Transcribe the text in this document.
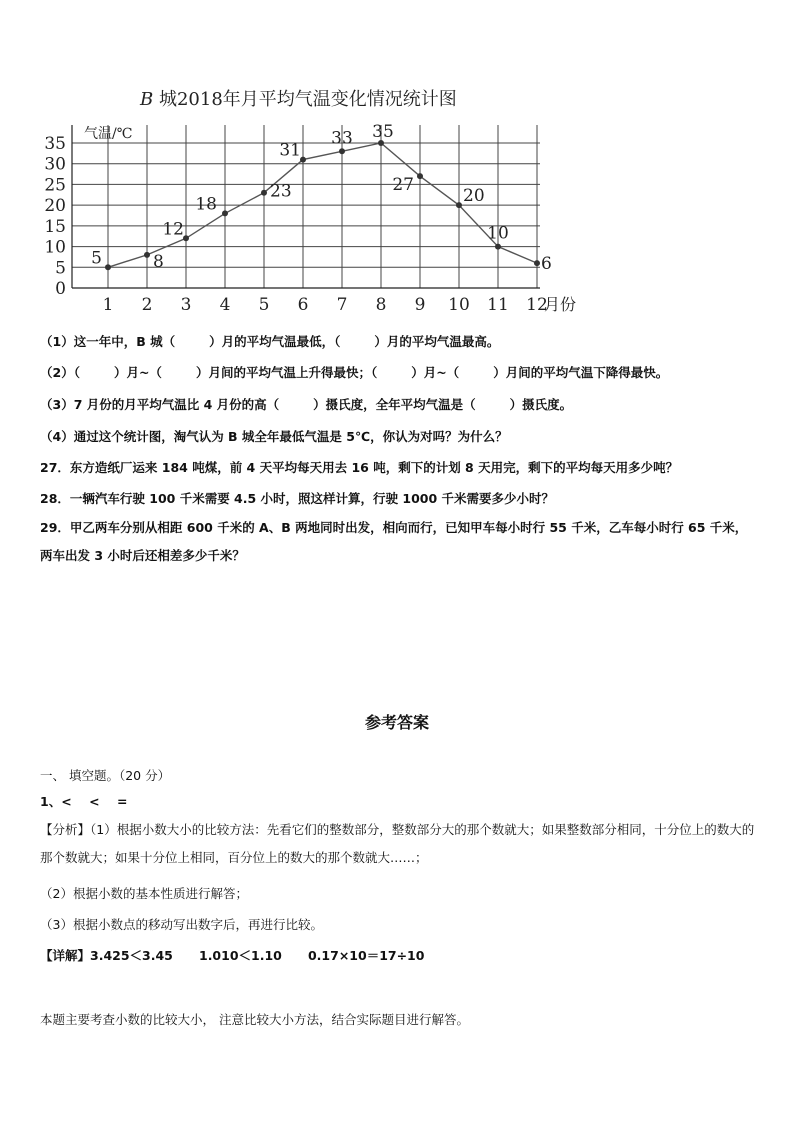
B 城2018年月平均气温变化情况统计图
0
5
10
15
20
25
30
35 气温/℃
1 2 3 4 5 6 7 8 9 10 11 12
月份
5	8
12
18
23
31
33 35
27
20
10
6
（1）这一年中，B 城（	）月的平均气温最低，（	）月的平均气温最高。
（2）（	）月~（	）月间的平均气温上升得最快；（	）月~（	）月间的平均气温下降得最快。
（3）7 月份的月平均气温比 4 月份的高（	）摄氏度，全年平均气温是（	）摄氏度。
（4）通过这个统计图，淘气认为 B 城全年最低气温是 5℃，你认为对吗？为什么？
27．东方造纸厂运来 184 吨煤，前 4 天平均每天用去 16 吨，剩下的计划 8 天用完，剩下的平均每天用多少吨？
28．一辆汽车行驶 100 千米需要 4.5 小时，照这样计算，行驶 1000 千米需要多少小时？
29．甲乙两车分别从相距 600 千米的 A、B 两地同时出发，相向而行，已知甲车每小时行 55 千米，乙车每小时行 65 千米，两车出发 3 小时后还相差多少千米？
参考答案
一、 填空题。（20 分）
1、<    <    =
【分析】（1）根据小数大小的比较方法：先看它们的整数部分，整数部分大的那个数就大；如果整数部分相同，十分位上的数大的那个数就大；如果十分位上相同，百分位上的数大的那个数就大……；
（2）根据小数的基本性质进行解答；
（3）根据小数点的移动写出数字后，再进行比较。
【详解】3.425＜3.45      1.010＜1.10      0.17×10＝17÷10
本题主要考查小数的比较大小， 注意比较大小方法，结合实际题目进行解答。
